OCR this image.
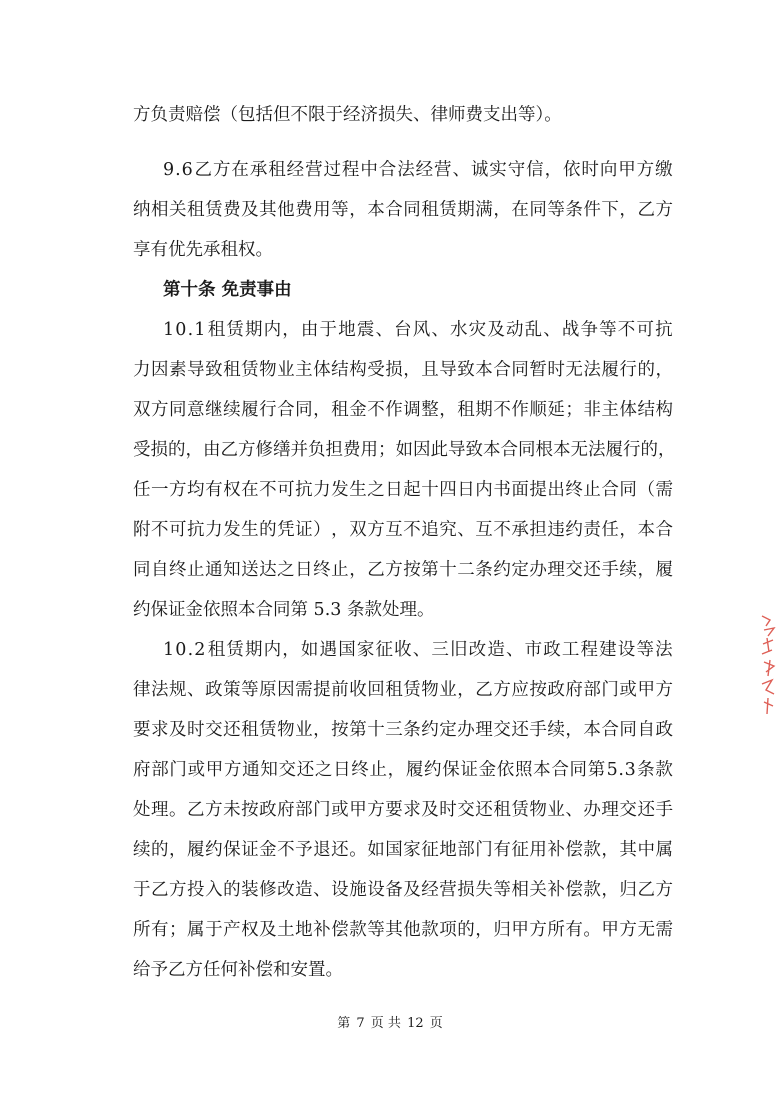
方负责赔偿（包括但不限于经济损失、律师费支出等）。
9 . 6 乙 方 在 承 租 经 营 过 程 中 合 法 经 营 、 诚 实 守 信 ， 依 时 向 甲 方 缴
纳 相 关 租 赁 费 及 其 他 费 用 等 ， 本 合 同 租 赁 期 满 ， 在 同 等 条 件 下 ， 乙 方
享有优先承租权。
第十条 免责事由
1 0 . 1 租 赁 期 内 ， 由 于 地 震 、 台 风 、 水 灾 及 动 乱 、 战 争 等 不 可 抗
力 因 素 导 致 租 赁 物 业 主 体 结 构 受 损 ， 且 导 致 本 合 同 暂 时 无 法 履 行 的 ，
双 方 同 意 继 续 履 行 合 同 ， 租 金 不 作 调 整 ， 租 期 不 作 顺 延 ； 非 主 体 结 构
受 损 的 ， 由 乙 方 修 缮 并 负 担 费 用 ； 如 因 此 导 致 本 合 同 根 本 无 法 履 行 的 ，
任 一 方 均 有 权 在 不 可 抗 力 发 生 之 日 起 十 四 日 内 书 面 提 出 终 止 合 同 （ 需
附 不 可 抗 力 发 生 的 凭 证 ） ， 双 方 互 不 追 究 、 互 不 承 担 违 约 责 任 ， 本 合
同 自 终 止 通 知 送 达 之 日 终 止 ， 乙 方 按 第 十 二 条 约 定 办 理 交 还 手 续 ， 履
约保证金依照本合同第 5.3 条款处理。
1 0 . 2 租 赁 期 内 ， 如 遇 国 家 征 收 、 三 旧 改 造 、 市 政 工 程 建 设 等 法
律 法 规 、 政 策 等 原 因 需 提 前 收 回 租 赁 物 业 ， 乙 方 应 按 政 府 部 门 或 甲 方
要 求 及 时 交 还 租 赁 物 业 ， 按 第 十 三 条 约 定 办 理 交 还 手 续 ， 本 合 同 自 政
府 部 门 或 甲 方 通 知 交 还 之 日 终 止 ， 履 约 保 证 金 依 照 本 合 同 第 5 . 3 条 款
处 理 。 乙 方 未 按 政 府 部 门 或 甲 方 要 求 及 时 交 还 租 赁 物 业 、 办 理 交 还 手
续 的 ， 履 约 保 证 金 不 予 退 还 。 如 国 家 征 地 部 门 有 征 用 补 偿 款 ， 其 中 属
于 乙 方 投 入 的 装 修 改 造 、 设 施 设 备 及 经 营 损 失 等 相 关 补 偿 款 ， 归 乙 方
所 有 ； 属 于 产 权 及 土 地 补 偿 款 等 其 他 款 项 的 ， 归 甲 方 所 有 。 甲 方 无 需
给予乙方任何补偿和安置。
第 7 页 共 12 页
